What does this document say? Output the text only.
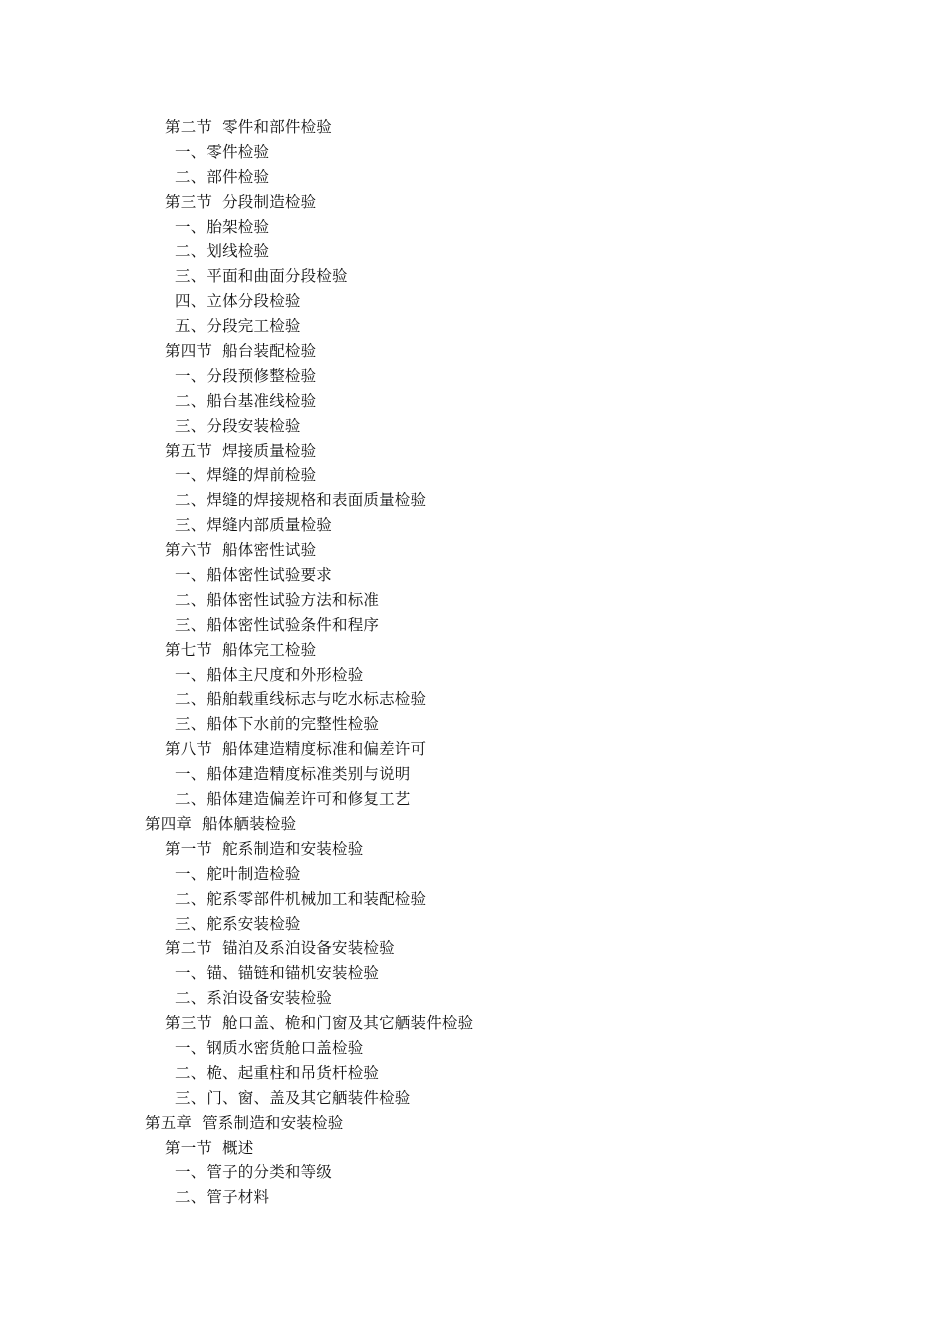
第二节 零件和部件检验
一、零件检验
二、部件检验
第三节 分段制造检验
一、胎架检验
二、划线检验
三、平面和曲面分段检验
四、立体分段检验
五、分段完工检验
第四节 船台装配检验
一、分段预修整检验
二、船台基准线检验
三、分段安装检验
第五节 焊接质量检验
一、焊缝的焊前检验
二、焊缝的焊接规格和表面质量检验
三、焊缝内部质量检验
第六节 船体密性试验
一、船体密性试验要求
二、船体密性试验方法和标准
三、船体密性试验条件和程序
第七节 船体完工检验
一、船体主尺度和外形检验
二、船舶载重线标志与吃水标志检验
三、船体下水前的完整性检验
第八节 船体建造精度标准和偏差许可
一、船体建造精度标准类别与说明
二、船体建造偏差许可和修复工艺
第四章 船体舾装检验
第一节 舵系制造和安装检验
一、舵叶制造检验
二、舵系零部件机械加工和装配检验
三、舵系安装检验
第二节 锚泊及系泊设备安装检验
一、锚、锚链和锚机安装检验
二、系泊设备安装检验
第三节 舱口盖、桅和门窗及其它舾装件检验
一、钢质水密货舱口盖检验
二、桅、起重柱和吊货杆检验
三、门、窗、盖及其它舾装件检验
第五章 管系制造和安装检验
第一节 概述
一、管子的分类和等级
二、管子材料
